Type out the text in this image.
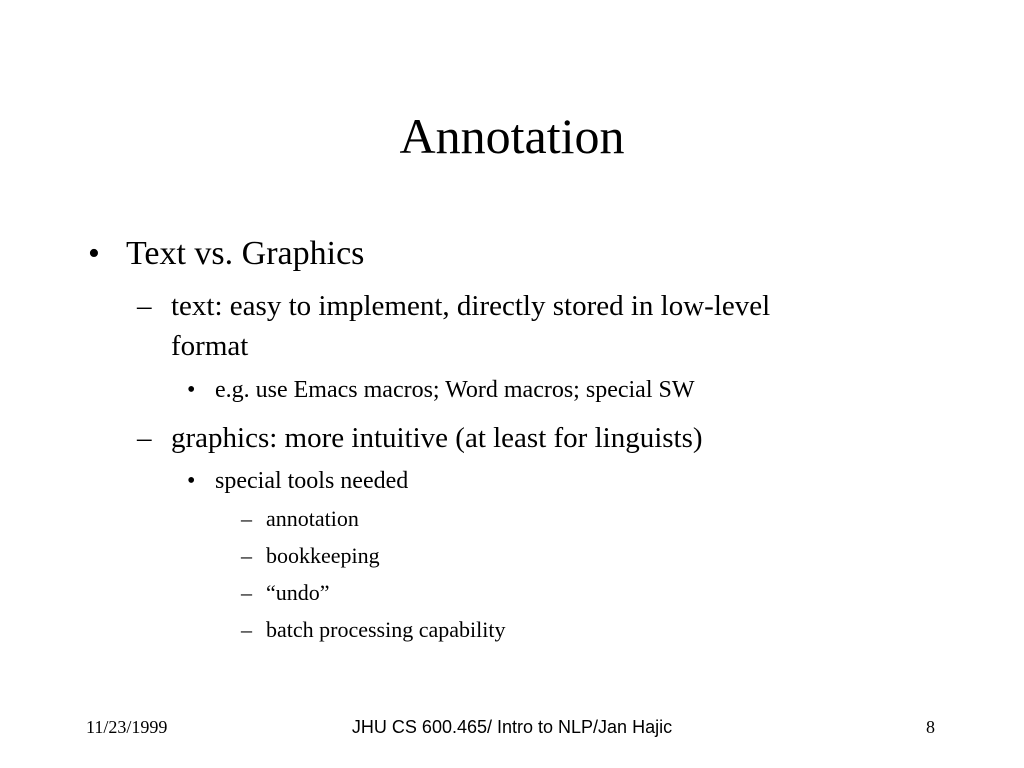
Annotation
• Text vs. Graphics
– text: easy to implement, directly stored in low-level
format
• e.g. use Emacs macros; Word macros; special SW
– graphics: more intuitive (at least for linguists)
• special tools needed
– annotation
– bookkeeping
– “undo”
– batch processing capability
11/23/1999	JHU CS 600.465/ Intro to NLP/Jan Hajic	8
